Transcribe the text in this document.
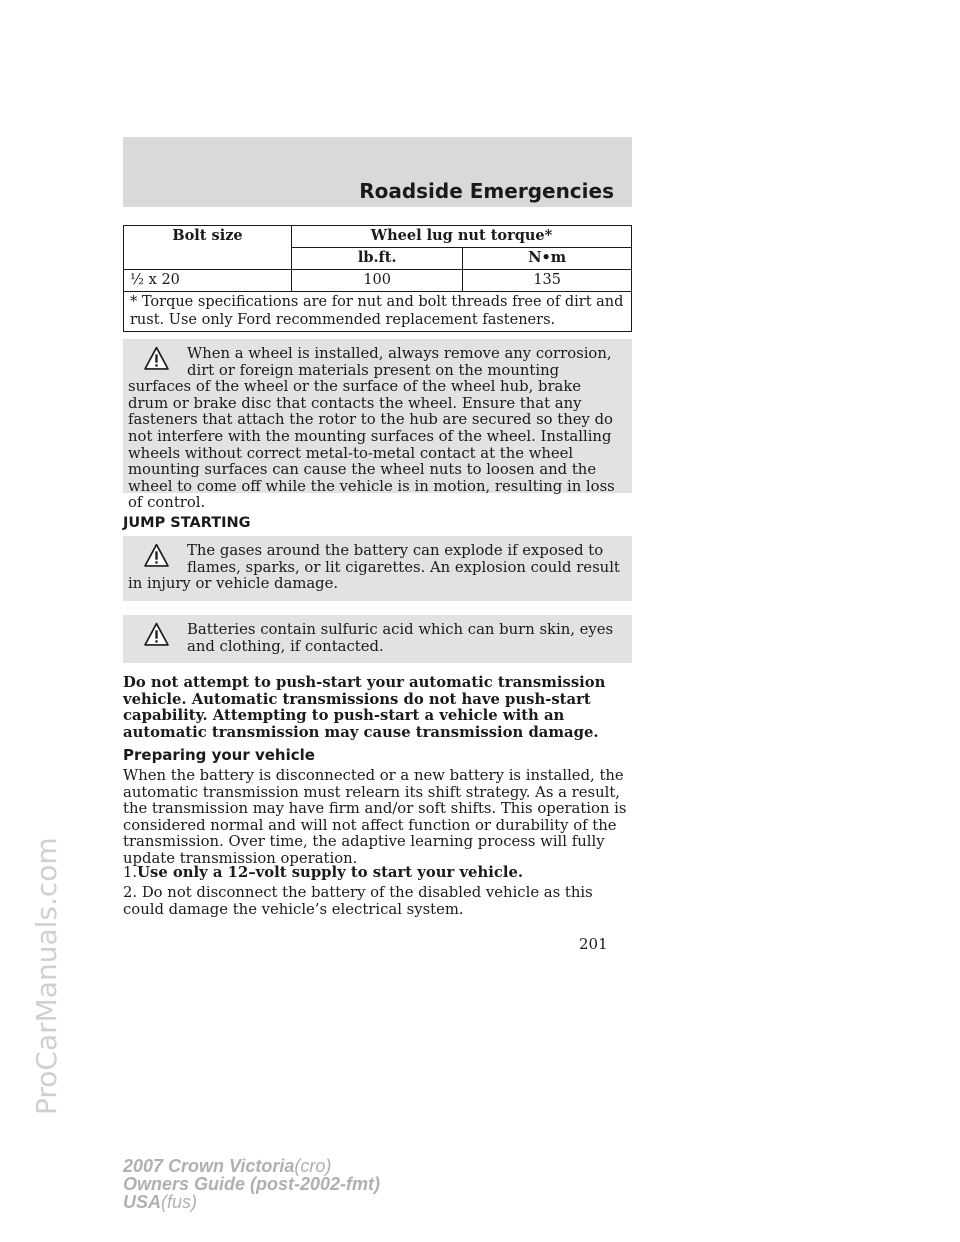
Roadside Emergencies
Bolt size	Wheel lug nut torque*	
	lb.ft.	N•m
½ x 20	100	135
* Torque specifications are for nut and bolt threads free of dirt and rust. Use only Ford recommended replacement fasteners.		

When a wheel is installed, always remove any corrosion, dirt or foreign materials present on the mounting surfaces of the wheel or the surface of the wheel hub, brake drum or brake disc that contacts the wheel. Ensure that any fasteners that attach the rotor to the hub are secured so they do not interfere with the mounting surfaces of the wheel. Installing wheels without correct metal-to-metal contact at the wheel mounting surfaces can cause the wheel nuts to loosen and the wheel to come off while the vehicle is in motion, resulting in loss of control.

JUMP STARTING

The gases around the battery can explode if exposed to flames, sparks, or lit cigarettes. An explosion could result in injury or vehicle damage.

Batteries contain sulfuric acid which can burn skin, eyes and clothing, if contacted.

Do not attempt to push-start your automatic transmission vehicle. Automatic transmissions do not have push-start capability. Attempting to push-start a vehicle with an automatic transmission may cause transmission damage.

Preparing your vehicle

When the battery is disconnected or a new battery is installed, the automatic transmission must relearn its shift strategy. As a result, the transmission may have firm and/or soft shifts. This operation is considered normal and will not affect function or durability of the transmission. Over time, the adaptive learning process will fully update transmission operation.

1.Use only a 12–volt supply to start your vehicle.

2. Do not disconnect the battery of the disabled vehicle as this could damage the vehicle’s electrical system.

201
2007 Crown Victoria(cro)
Owners Guide (post-2002-fmt)
USA(fus)
ProCarManuals.com
